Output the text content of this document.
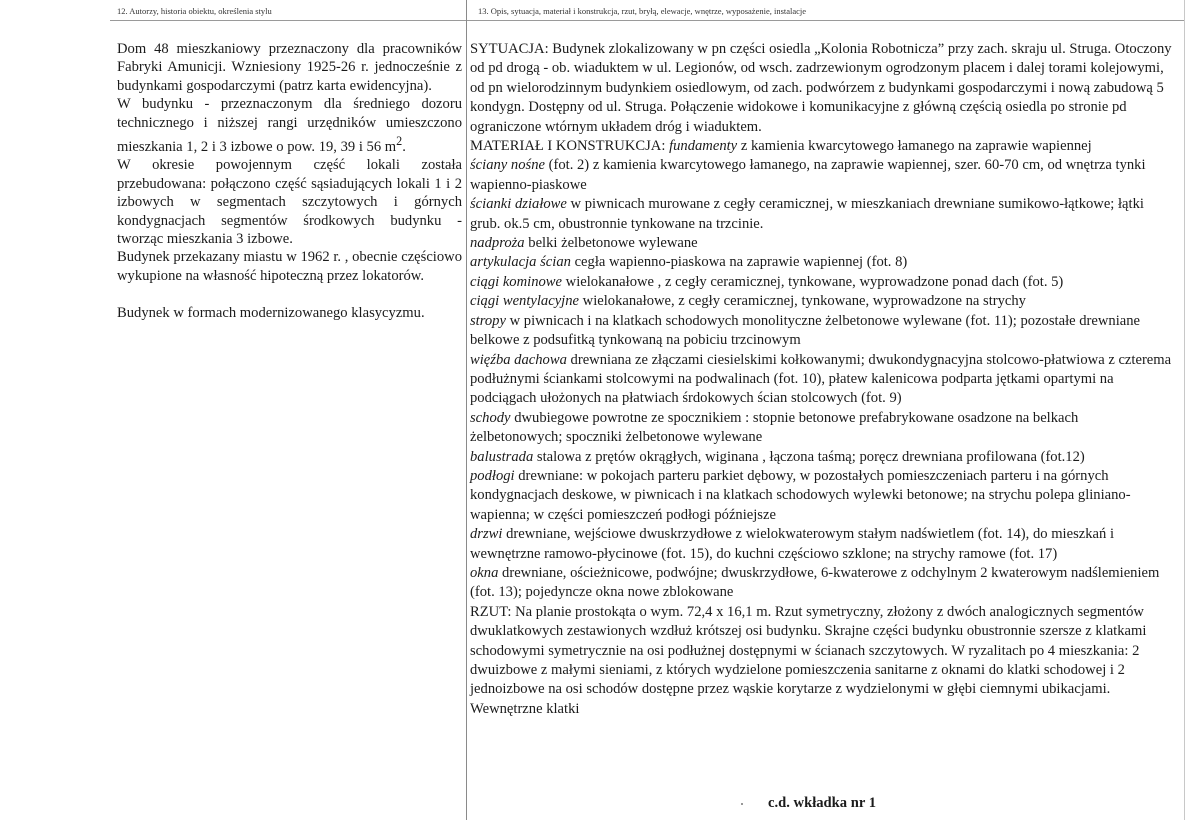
12. Autorzy, historia obiektu, określenia stylu	13. Opis, sytuacja, materiał i konstrukcja, rzut, bryłą, elewacje, wnętrze, wyposażenie, instalacje

Dom 48 mieszkaniowy przeznaczony dla pracowników Fabryki Amunicji. Wzniesiony 1925-26 r. jednocześnie z budynkami gospodarczymi (patrz karta ewidencyjna).

W budynku - przeznaczonym dla średniego dozoru technicznego i niższej rangi urzędników umieszczono mieszkania 1, 2 i 3 izbowe o pow. 19, 39 i 56 $m^2$.

W okresie powojennym część lokali została przebudowana: połączono część sąsiadujących lokali 1 i 2 izbowych w segmentach szczytowych i górnych kondygnacjach segmentów środkowych budynku - tworząc mieszkania 3 izbowe.

Budynek przekazany miastu w 1962 r. , obecnie częściowo wykupione na własność hipoteczną przez lokatorów.

Budynek w formach modernizowanego klasycyzmu.

SYTUACJA: Budynek zlokalizowany w pn części osiedla „Kolonia Robotnicza” przy zach. skraju ul. Struga. Otoczony od pd drogą - ob. wiaduktem w ul. Legionów, od wsch. zadrzewionym ogrodzonym placem i dalej torami kolejowymi, od pn wielorodzinnym budynkiem osiedlowym, od zach. podwórzem z budynkami gospodarczymi i nową zabudową 5 kondygn. Dostępny od ul. Struga. Połączenie widokowe i komunikacyjne z główną częścią osiedla po stronie pd ograniczone wtórnym układem dróg i wiaduktem.

MATERIAŁ I KONSTRUKCJA: fundamenty z kamienia kwarcytowego łamanego na zaprawie wapiennej

ściany nośne (fot. 2) z kamienia kwarcytowego łamanego, na zaprawie wapiennej, szer. 60-70 cm, od wnętrza tynki wapienno-piaskowe

ścianki działowe w piwnicach murowane z cegły ceramicznej, w mieszkaniach drewniane sumikowo-łątkowe; łątki grub. ok.5 cm, obustronnie tynkowane na trzcinie.

nadproża belki żelbetonowe wylewane

artykulacja ścian cegła wapienno-piaskowa na zaprawie wapiennej (fot. 8)

ciągi kominowe wielokanałowe , z cegły ceramicznej, tynkowane, wyprowadzone ponad dach (fot. 5)

ciągi wentylacyjne wielokanałowe, z cegły ceramicznej, tynkowane, wyprowadzone na strychy

stropy w piwnicach i na klatkach schodowych monolityczne żelbetonowe wylewane (fot. 11); pozostałe drewniane belkowe z podsufitką tynkowaną na pobiciu trzcinowym

więźba dachowa drewniana ze złączami ciesielskimi kołkowanymi; dwukondygnacyjna stolcowo-płatwiowa z czterema podłużnymi ściankami stolcowymi na podwalinach (fot. 10), płatew kalenicowa podparta jętkami opartymi na podciągach ułożonych na płatwiach śrdokowych ścian stolcowych (fot. 9)

schody dwubiegowe powrotne ze spocznikiem : stopnie betonowe prefabrykowane osadzone na belkach żelbetonowych; spoczniki żelbetonowe wylewane

balustrada stalowa z prętów okrągłych, wiginana , łączona taśmą; poręcz drewniana profilowana (fot.12)

podłogi drewniane: w pokojach parteru parkiet dębowy, w pozostałych pomieszczeniach parteru i na górnych kondygnacjach deskowe, w piwnicach i na klatkach schodowych wylewki betonowe; na strychu polepa gliniano-wapienna; w części pomieszczeń podłogi późniejsze

drzwi drewniane, wejściowe dwuskrzydłowe z wielokwaterowym stałym nadświetlem (fot. 14), do mieszkań i wewnętrzne ramowo-płycinowe (fot. 15), do kuchni częściowo szklone; na strychy ramowe (fot. 17)

okna drewniane, ościeżnicowe, podwójne; dwuskrzydłowe, 6-kwaterowe z odchylnym 2 kwaterowym nadślemieniem (fot. 13); pojedyncze okna nowe zblokowane

RZUT: Na planie prostokąta o wym. 72,4 x 16,1 m. Rzut symetryczny, złożony z dwóch analogicznych segmentów dwuklatkowych zestawionych wzdłuż krótszej osi budynku. Skrajne części budynku obustronnie szersze z klatkami schodowymi symetrycznie na osi podłużnej dostępnymi w ścianach szczytowych. W ryzalitach po 4 mieszkania: 2 dwuizbowe z małymi sieniami, z których wydzielone pomieszczenia sanitarne z oknami do klatki schodowej i 2 jednoizbowe na osi schodów dostępne przez wąskie korytarze z wydzielonymi w głębi ciemnymi ubikacjami. Wewnętrzne klatki

c.d. wkładka nr 1
